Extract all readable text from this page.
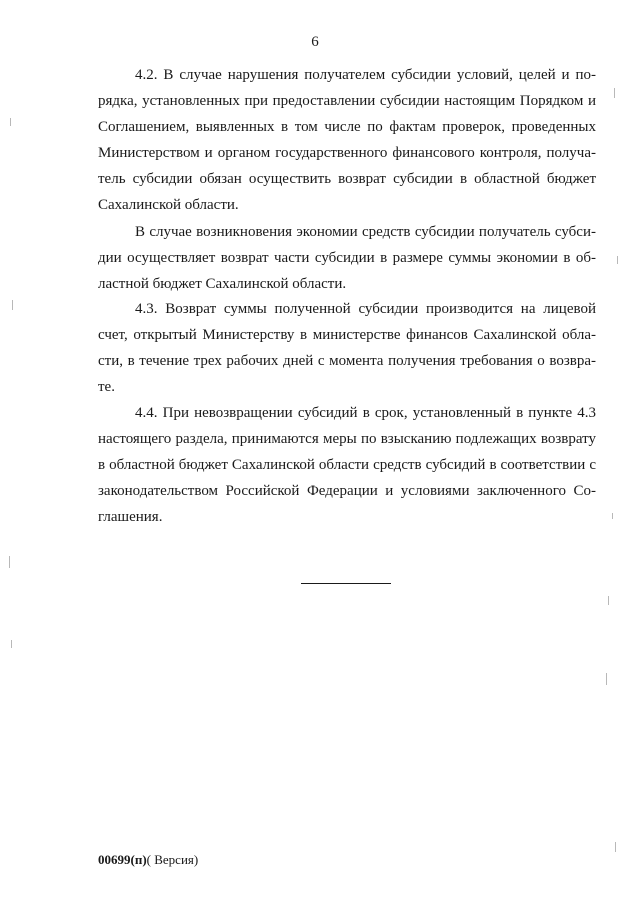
6
4.2. В случае нарушения получателем субсидии условий, целей и по-
рядка, установленных при предоставлении субсидии настоящим Порядком и
Соглашением, выявленных в том числе по фактам проверок, проведенных
Министерством и органом государственного финансового контроля, получа-
тель субсидии обязан осуществить возврат субсидии в областной бюджет
Сахалинской области.
В случае возникновения экономии средств субсидии получатель субси-
дии осуществляет возврат части субсидии в размере суммы экономии в об-
ластной бюджет Сахалинской области.
4.3. Возврат суммы полученной субсидии производится на лицевой
счет, открытый Министерству в министерстве финансов Сахалинской обла-
сти, в течение трех рабочих дней с момента получения требования о возвра-
те.
4.4. При невозвращении субсидий в срок, установленный в пункте 4.3
настоящего раздела, принимаются меры по взысканию подлежащих возврату
в областной бюджет Сахалинской области средств субсидий в соответствии с
законодательством Российской Федерации и условиями заключенного Со-
глашения.
00699(п)( Версия)
